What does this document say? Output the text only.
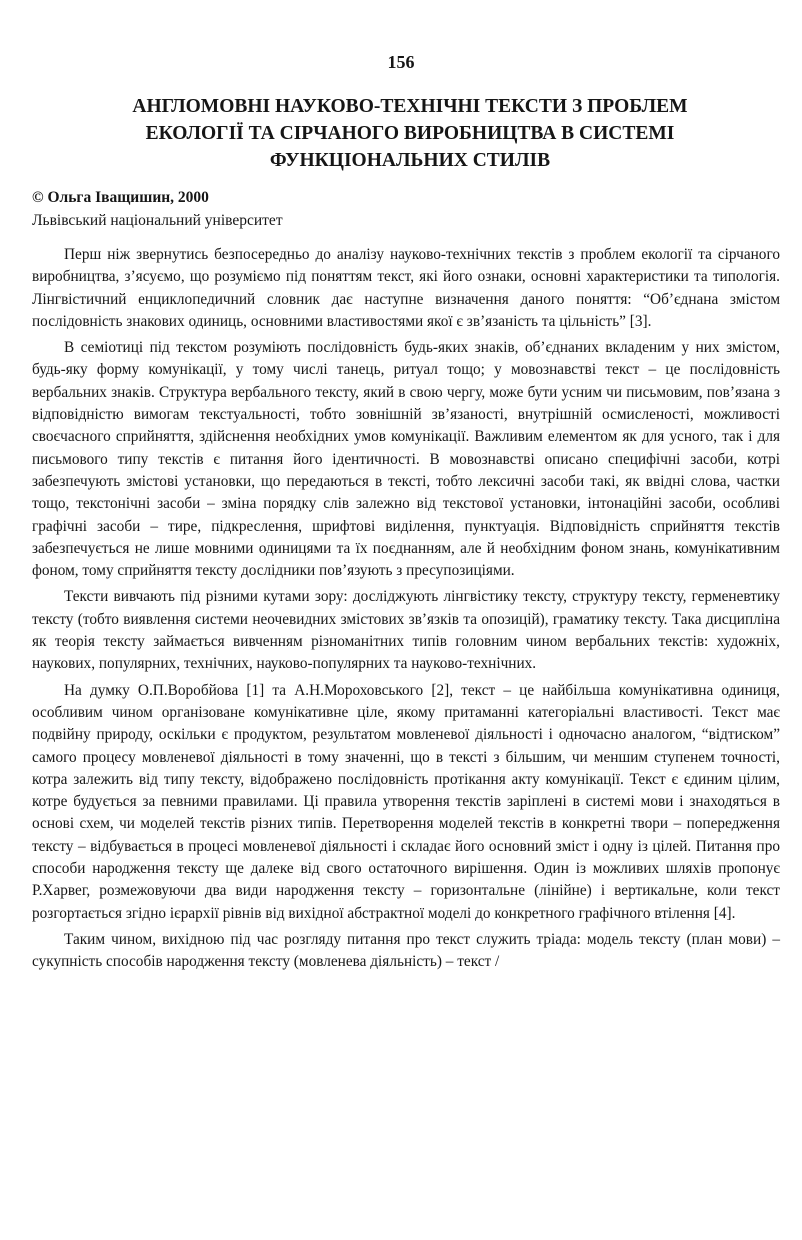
156
АНГЛОМОВНІ НАУКОВО-ТЕХНІЧНІ ТЕКСТИ З ПРОБЛЕМ
ЕКОЛОГІЇ ТА СІРЧАНОГО ВИРОБНИЦТВА В СИСТЕМІ
ФУНКЦІОНАЛЬНИХ СТИЛІВ
© Ольга Іващишин, 2000
Львівський національний університет

Перш ніж звернутись безпосередньо до аналізу науково-технічних текстів з проблем екології та сірчаного виробництва, з’ясуємо, що розуміємо під поняттям текст, які його ознаки, основні характеристики та типологія. Лінгвістичний енциклопедичний словник дає наступне визначення даного поняття: “Об’єднана змістом послідовність знакових одиниць, основними властивостями якої є зв’язаність та цільність” [3].

В семіотиці під текстом розуміють послідовність будь-яких знаків, об’єднаних вкладеним у них змістом, будь-яку форму комунікації, у тому числі танець, ритуал тощо; у мовознавстві текст – це послідовність вербальних знаків. Структура вербального тексту, який в свою чергу, може бути усним чи письмовим, пов’язана з відповідністю вимогам текстуальності, тобто зовнішній зв’язаності, внутрішній осмисленості, можливості своєчасного сприйняття, здійснення необхідних умов комунікації. Важливим елементом як для усного, так і для письмового типу текстів є питання його ідентичності. В мовознавстві описано специфічні засоби, котрі забезпечують змістові установки, що передаються в тексті, тобто лексичні засоби такі, як ввідні слова, частки тощо, текстонічні засоби – зміна порядку слів залежно від текстової установки, інтонаційні засоби, особливі графічні засоби – тире, підкреслення, шрифтові виділення, пунктуація. Відповідність сприйняття текстів забезпечується не лише мовними одиницями та їх поєднанням, але й необхідним фоном знань, комунікативним фоном, тому сприйняття тексту дослідники пов’язують з пресупозиціями.

Тексти вивчають під різними кутами зору: досліджують лінгвістику тексту, структуру тексту, герменевтику тексту (тобто виявлення системи неочевидних змістових зв’язків та опозицій), граматику тексту. Така дисципліна як теорія тексту займається вивченням різноманітних типів головним чином вербальних текстів: художніх, наукових, популярних, технічних, науково-популярних та науково-технічних.

На думку О.П.Воробйова [1] та А.Н.Мороховського [2], текст – це найбільша комунікативна одиниця, особливим чином організоване комунікативне ціле, якому притаманні категоріальні властивості. Текст має подвійну природу, оскільки є продуктом, результатом мовленевої діяльності і одночасно аналогом, “відтиском” самого процесу мовленевої діяльності в тому значенні, що в тексті з більшим, чи меншим ступенем точності, котра залежить від типу тексту, відображено послідовність протікання акту комунікації. Текст є єдиним цілим, котре будується за певними правилами. Ці правила утворення текстів заріплені в системі мови і знаходяться в основі схем, чи моделей текстів різних типів. Перетворення моделей текстів в конкретні твори – попередження тексту – відбувається в процесі мовленевої діяльності і складає його основний зміст і одну із цілей. Питання про способи народження тексту ще далеке від свого остаточного вирішення. Один із можливих шляхів пропонує Р.Харвег, розмежовуючи два види народження тексту – горизонтальне (лінійне) і вертикальне, коли текст розгортається згідно ієрархії рівнів від вихідної абстрактної моделі до конкретного графічного втілення [4].

Таким чином, вихідною під час розгляду питання про текст служить тріада: модель тексту (план мови) – сукупність способів народження тексту (мовленева діяльність) – текст /
